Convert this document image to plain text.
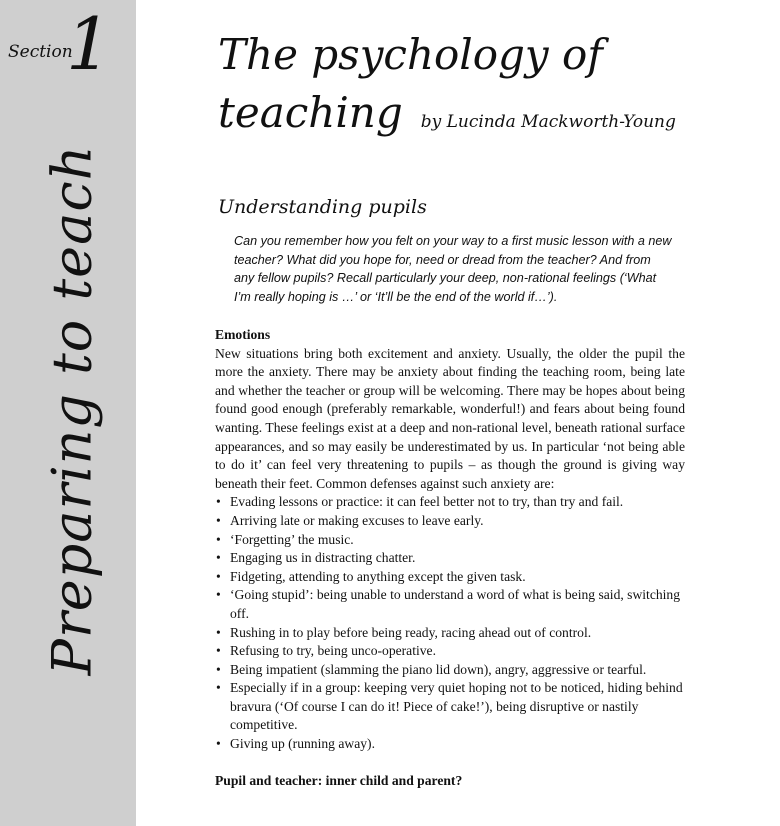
Section
1
Preparing to teach
The psychology of
teaching by Lucinda Mackworth-Young
Understanding pupils

Can you remember how you felt on your way to a first music lesson with a new teacher? What did you hope for, need or dread from the teacher? And from any fellow pupils? Recall particularly your deep, non-rational feelings (‘What I’m really hoping is …’ or ‘It’ll be the end of the world if…’).

Emotions

New situations bring both excitement and anxiety. Usually, the older the pupil the more the anxiety. There may be anxiety about finding the teaching room, being late and whether the teacher or group will be welcoming. There may be hopes about being found good enough (preferably remarkable, wonderful!) and fears about being found wanting. These feelings exist at a deep and non-rational level, beneath rational surface appearances, and so may easily be underestimated by us. In particular ‘not being able to do it’ can feel very threatening to pupils – as though the ground is giving way beneath their feet. Common defenses against such anxiety are:

• Evading lessons or practice: it can feel better not to try, than try and fail.
• Arriving late or making excuses to leave early.
• ‘Forgetting’ the music.
• Engaging us in distracting chatter.
• Fidgeting, attending to anything except the given task.
• ‘Going stupid’: being unable to understand a word of what is being said, switching off.
• Rushing in to play before being ready, racing ahead out of control.
• Refusing to try, being unco-operative.
• Being impatient (slamming the piano lid down), angry, aggressive or tearful.
• Especially if in a group: keeping very quiet hoping not to be noticed, hiding behind bravura (‘Of course I can do it! Piece of cake!’), being disruptive or nastily competitive.
• Giving up (running away).
Pupil and teacher: inner child and parent?
